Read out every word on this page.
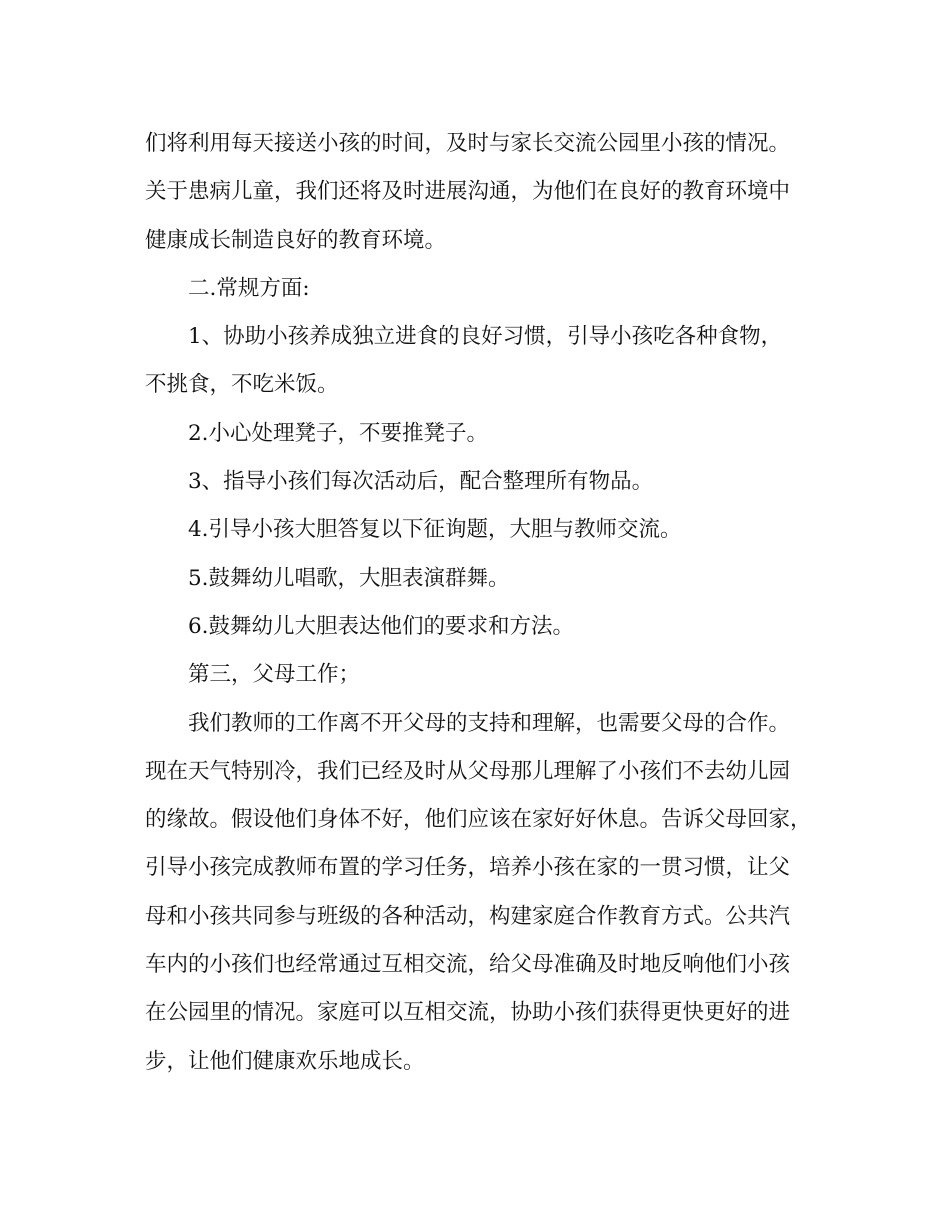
们将利用每天接送小孩的时间，及时与家长交流公园里小孩的情况。
关于患病儿童，我们还将及时进展沟通，为他们在良好的教育环境中
健康成长制造良好的教育环境。
二.常规方面:
1、协助小孩养成独立进食的良好习惯，引导小孩吃各种食物，
不挑食，不吃米饭。
2.小心处理凳子，不要推凳子。
3、指导小孩们每次活动后，配合整理所有物品。
4.引导小孩大胆答复以下征询题，大胆与教师交流。
5.鼓舞幼儿唱歌，大胆表演群舞。
6.鼓舞幼儿大胆表达他们的要求和方法。
第三，父母工作；
我们教师的工作离不开父母的支持和理解，也需要父母的合作。
现在天气特别冷，我们已经及时从父母那儿理解了小孩们不去幼儿园
的缘故。假设他们身体不好，他们应该在家好好休息。告诉父母回家，
引导小孩完成教师布置的学习任务，培养小孩在家的一贯习惯，让父
母和小孩共同参与班级的各种活动，构建家庭合作教育方式。公共汽
车内的小孩们也经常通过互相交流，给父母准确及时地反响他们小孩
在公园里的情况。家庭可以互相交流，协助小孩们获得更快更好的进
步，让他们健康欢乐地成长。
